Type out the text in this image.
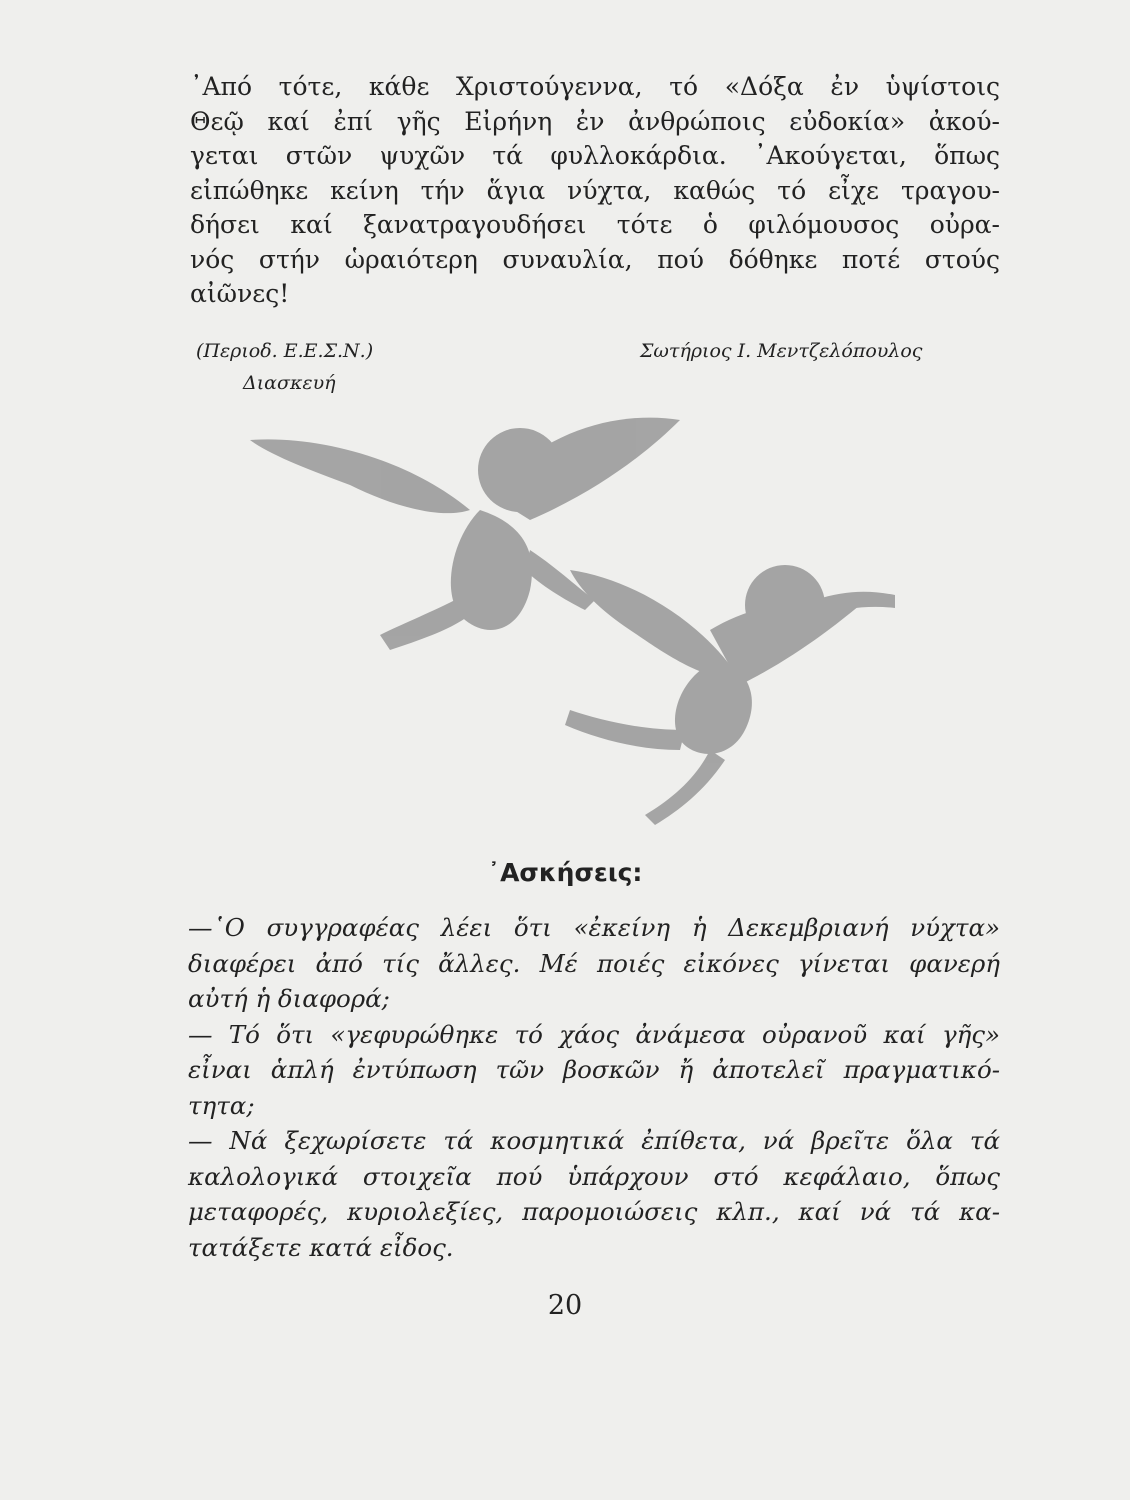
᾿Από τότε, κάθε Χριστούγεννα, τό «Δόξα ἐν ὑψίστοις
Θεῷ καί ἐπί γῆς Εἰρήνη ἐν ἀνθρώποις εὐδοκία» ἀκού-
γεται στῶν ψυχῶν τά φυλλοκάρδια. ᾿Ακούγεται, ὅπως
εἰπώθηκε κείνη τήν ἅγια νύχτα, καθώς τό εἶχε τραγου-
δήσει καί ξανατραγουδήσει τότε ὁ φιλόμουσος οὐρα-
νός στήν ὡραιότερη συναυλία, πού δόθηκε ποτέ στούς
αἰῶνες!
(Περιοδ. Ε.Ε.Σ.Ν.)	Σωτήριος Ι. Μεντζελόπουλος
Διασκευή
᾿Ασκήσεις:
—῾Ο συγγραφέας λέει ὅτι «ἐκείνη ἡ Δεκεμβριανή νύχτα»
διαφέρει ἀπό τίς ἄλλες. Μέ ποιές εἰκόνες γίνεται φανερή
αὐτή ἡ διαφορά;
— Τό ὅτι «γεφυρώθηκε τό χάος ἀνάμεσα οὐρανοῦ καί γῆς»
εἶναι ἁπλή ἐντύπωση τῶν βοσκῶν ἤ ἀποτελεῖ πραγματικό-
τητα;
— Νά ξεχωρίσετε τά κοσμητικά ἐπίθετα, νά βρεῖτε ὅλα τά
καλολογικά στοιχεῖα πού ὑπάρχουν στό κεφάλαιο, ὅπως
μεταφορές, κυριολεξίες, παρομοιώσεις κλπ., καί νά τά κα-
τατάξετε κατά εἶδος.
20
